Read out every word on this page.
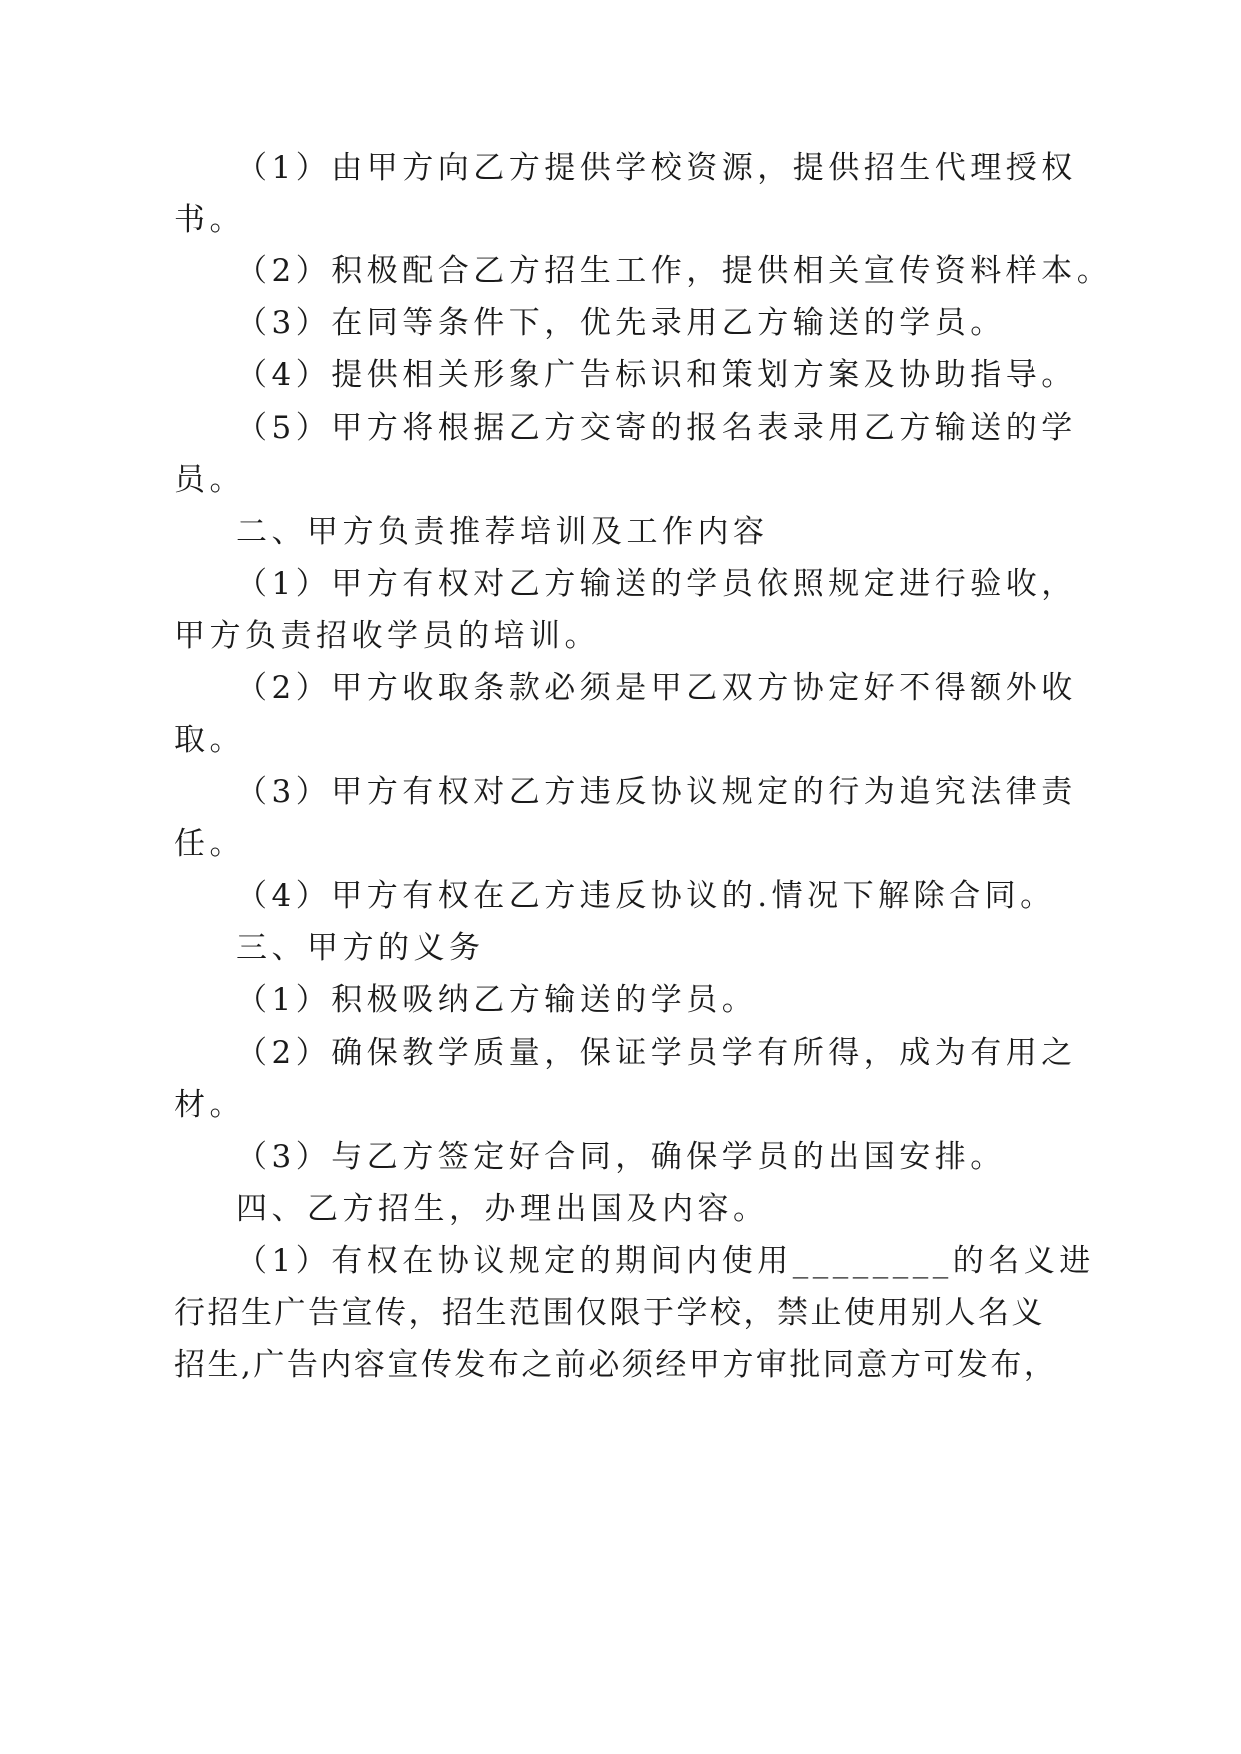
（1）由甲方向乙方提供学校资源，提供招生代理授权
书。
（2）积极配合乙方招生工作，提供相关宣传资料样本。
（3）在同等条件下，优先录用乙方输送的学员。
（4）提供相关形象广告标识和策划方案及协助指导。
（5）甲方将根据乙方交寄的报名表录用乙方输送的学
员。
二、甲方负责推荐培训及工作内容
（1）甲方有权对乙方输送的学员依照规定进行验收，
甲方负责招收学员的培训。
（2）甲方收取条款必须是甲乙双方协定好不得额外收
取。
（3）甲方有权对乙方违反协议规定的行为追究法律责
任。
（4）甲方有权在乙方违反协议的.情况下解除合同。
三、甲方的义务
（1）积极吸纳乙方输送的学员。
（2）确保教学质量，保证学员学有所得，成为有用之
材。
（3）与乙方签定好合同，确保学员的出国安排。
四、乙方招生，办理出国及内容。
（1）有权在协议规定的期间内使用________的名义进
行招生广告宣传，招生范围仅限于学校，禁止使用别人名义
招生,广告内容宣传发布之前必须经甲方审批同意方可发布，
